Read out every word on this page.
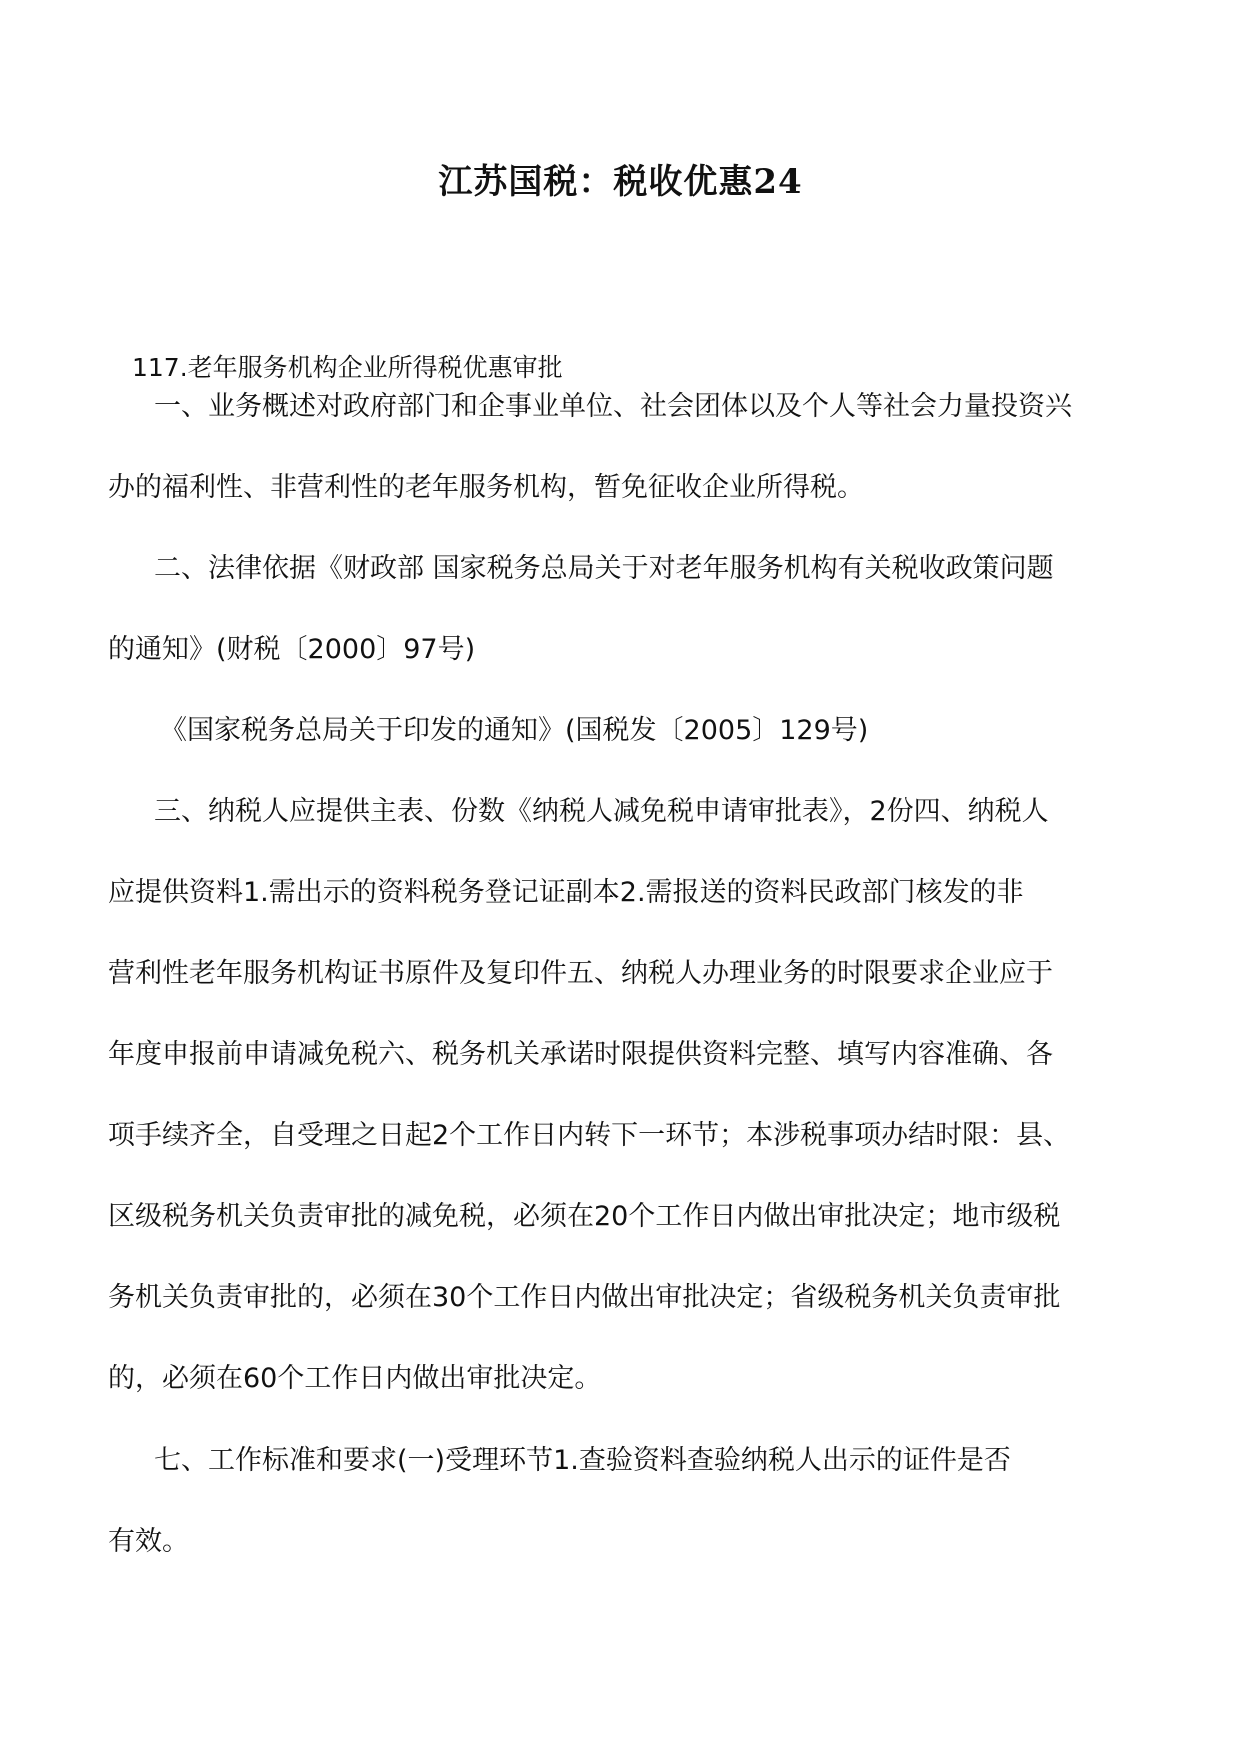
江苏国税：税收优惠24
117.老年服务机构企业所得税优惠审批
一、业务概述对政府部门和企事业单位、社会团体以及个人等社会力量投资兴
办的福利性、非营利性的老年服务机构，暂免征收企业所得税。
二、法律依据《财政部 国家税务总局关于对老年服务机构有关税收政策问题
的通知》(财税〔2000〕97号)
《国家税务总局关于印发的通知》(国税发〔2005〕129号)
三、纳税人应提供主表、份数《纳税人减免税申请审批表》，2份四、纳税人
应提供资料1.需出示的资料税务登记证副本2.需报送的资料民政部门核发的非
营利性老年服务机构证书原件及复印件五、纳税人办理业务的时限要求企业应于
年度申报前申请减免税六、税务机关承诺时限提供资料完整、填写内容准确、各
项手续齐全，自受理之日起2个工作日内转下一环节；本涉税事项办结时限：县、
区级税务机关负责审批的减免税，必须在20个工作日内做出审批决定；地市级税
务机关负责审批的，必须在30个工作日内做出审批决定；省级税务机关负责审批
的，必须在60个工作日内做出审批决定。
七、工作标准和要求(一)受理环节1.查验资料查验纳税人出示的证件是否
有效。
